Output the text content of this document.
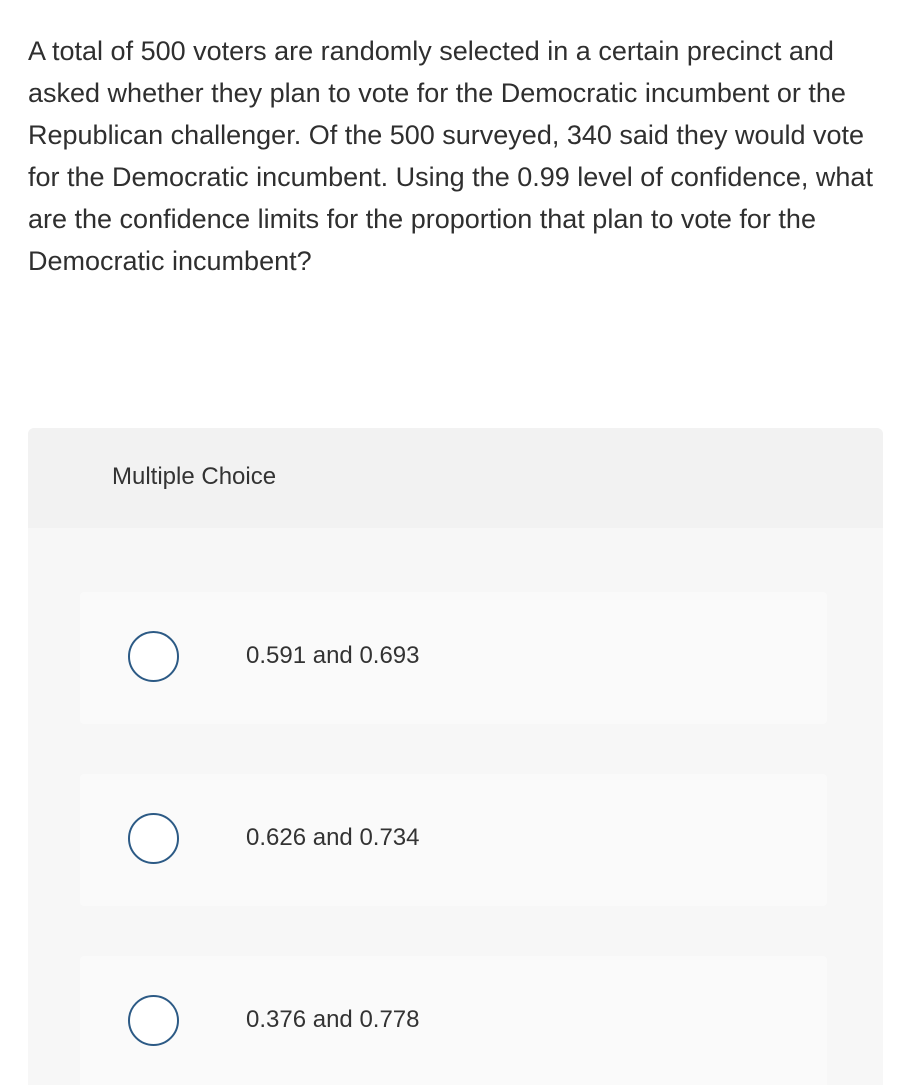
A total of 500 voters are randomly selected in a certain precinct and asked whether they plan to vote for the Democratic incumbent or the Republican challenger. Of the 500 surveyed, 340 said they would vote for the Democratic incumbent. Using the 0.99 level of confidence, what are the confidence limits for the proportion that plan to vote for the Democratic incumbent?

Multiple Choice
0.591 and 0.693
0.626 and 0.734
0.376 and 0.778
